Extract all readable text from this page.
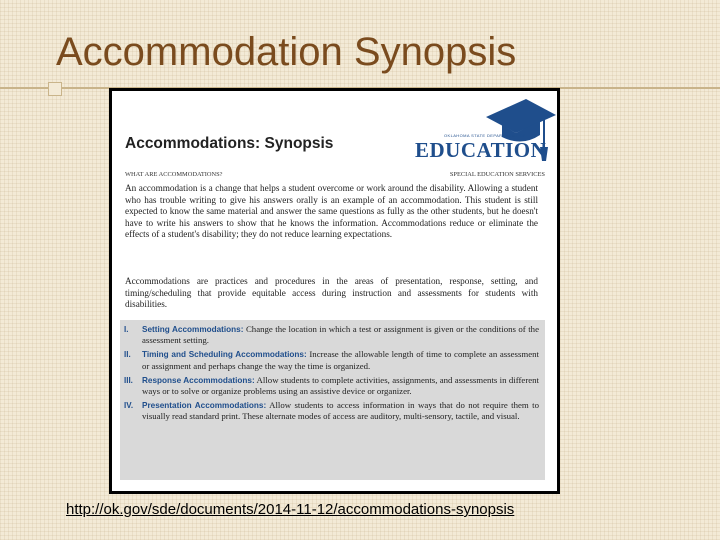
Accommodation Synopsis
Accommodations: Synopsis	OKLAHOMA STATE DEPARTMENT OF
EDUCATION
WHAT ARE ACCOMMODATIONS?	SPECIAL EDUCATION SERVICES

An accommodation is a change that helps a student overcome or work around the disability. Allowing a student who has trouble writing to give his answers orally is an example of an accommodation. This student is still expected to know the same material and answer the same questions as fully as the other students, but he doesn't have to write his answers to show that he knows the information. Accommodations reduce or eliminate the effects of a student's disability; they do not reduce learning expectations.

Accommodations are practices and procedures in the areas of presentation, response, setting, and timing/scheduling that provide equitable access during instruction and assessments for students with disabilities.

I.	Setting Accommodations: Change the location in which a test or assignment is given or the conditions of the assessment setting.
II.	Timing and Scheduling Accommodations: Increase the allowable length of time to complete an assessment or assignment and perhaps change the way the time is organized.
III.	Response Accommodations: Allow students to complete activities, assignments, and assessments in different ways or to solve or organize problems using an assistive device or organizer.
IV.	Presentation Accommodations: Allow students to access information in ways that do not require them to visually read standard print. These alternate modes of access are auditory, multi-sensory, tactile, and visual.
http://ok.gov/sde/documents/2014-11-12/accommodations-synopsis
